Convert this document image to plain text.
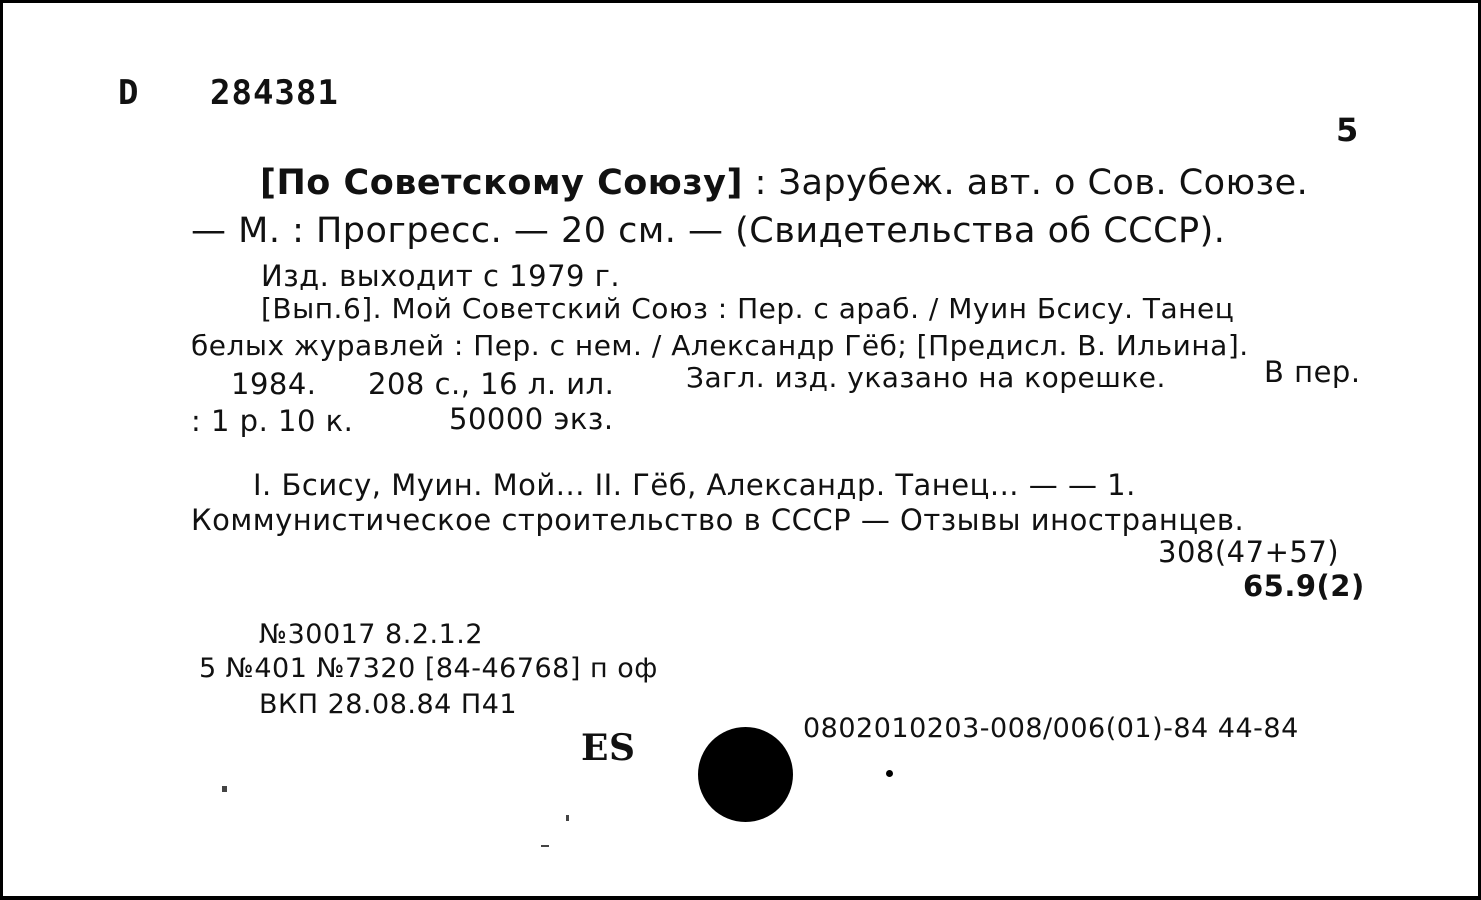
D 284381
5
[По Советскому Союзу] : Зарубеж. авт. о Сов. Союзе.
— М. : Прогресс. — 20 см. — (Свидетельства об СССР).
Изд. выходит с 1979 г.
[Вып.6]. Мой Советский Союз : Пер. с араб. / Муин Бсису. Танец
белых журавлей : Пер. с нем. / Александр Гёб; [Предисл. В. Ильина].
1984. 208 с., 16 л. ил.	Загл. изд. указано на корешке.	В пер.
: 1 р. 10 к.	50000 экз.
I. Бсису, Муин. Мой... II. Гёб, Александр. Танец... — — 1.
Коммунистическое строительство в СССР — Отзывы иностранцев.
308(47+57)
65.9(2)
№30017 8.2.1.2
5 №401 №7320 [84-46768] п оф
ВКП 28.08.84 П41
ES	0802010203-008/006(01)-84 44-84
